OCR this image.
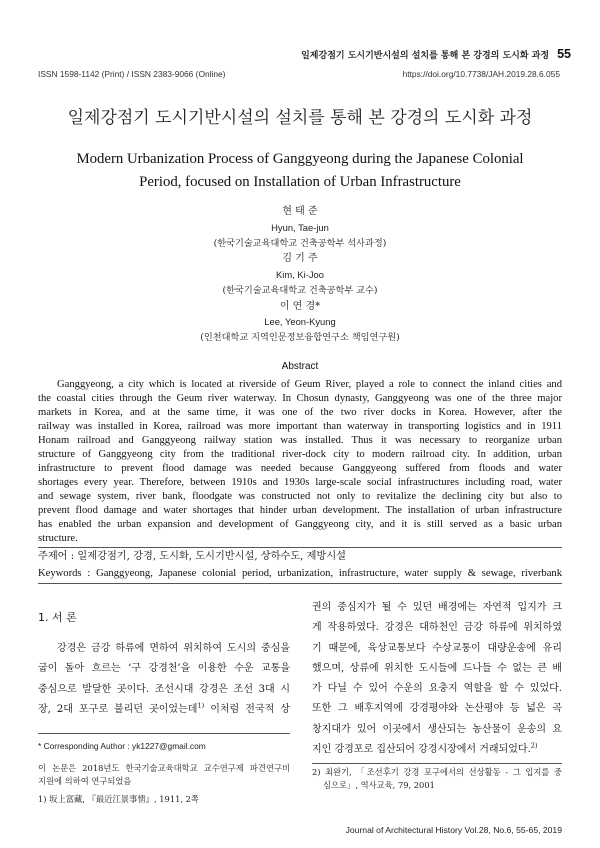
일제강점기 도시기반시설의 설치를 통해 본 강경의 도시화 과정 55
ISSN 1598-1142 (Print) / ISSN 2383-9066 (Online)	https://doi.org/10.7738/JAH.2019.28.6.055
일제강점기 도시기반시설의 설치를 통해 본 강경의 도시화 과정
Modern Urbanization Process of Ganggyeong during the Japanese Colonial
Period, focused on Installation of Urban Infrastructure
현 태 준
Hyun, Tae-jun
(한국기술교육대학교 건축공학부 석사과정)
김 기 주
Kim, Ki-Joo
(한국기술교육대학교 건축공학부 교수)
이 연 경*
Lee, Yeon-Kyung
(인천대학교 지역인문정보융합연구소 책임연구원)
Abstract
Ganggyeong, a city which is located at riverside of Geum River, played a role to connect the inland cities and
the coastal cities through the Geum river waterway. In Chosun dynasty, Ganggyeong was one of the three major
markets in Korea, and at the same time, it was one of the two river docks in Korea. However, after the
railway was installed in Korea, railroad was more important than waterway in transporting logistics and in 1911
Honam railroad and Ganggyeong railway station was installed. Thus it was necessary to reorganize urban
structure of Ganggyeong city from the traditional river-dock city to modern railroad city. In addition, urban
infrastructure to prevent flood damage was needed because Ganggyeong suffered from floods and water
shortages every year. Therefore, between 1910s and 1930s large-scale social infrastructures including road, water
and sewage system, river bank, floodgate was constructed not only to revitalize the declining city but also to
prevent flood damage and water shortages that hinder urban development. The installation of urban infrastructure
has enabled the urban expansion and development of Ganggyeong city, and it is still served as a basic urban
structure.
주제어 : 일제강점기, 강경, 도시화, 도시기반시설, 상하수도, 제방시설
Keywords : Ganggyeong, Japanese colonial period, urbanization, infrastructure, water supply & sewage, riverbank
1. 서 론
강경은 금강 하류에 면하여 위치하여 도시의 중심을
굽이 돌아 흐르는 ‘구 강경천’을 이용한 수운 교통을
중심으로 발달한 곳이다. 조선시대 강경은 조선 3대 시
장, 2대 포구로 불리던 곳이었는데$^{1)}$ 이처럼 전국적 상
권의 중심지가 될 수 있던 배경에는 자연적 입지가 크
게 작용하였다. 강경은 대하천인 금강 하류에 위치하였
기 때문에, 육상교통보다 수상교통이 대량운송에 유리
했으며, 상류에 위치한 도시들에 드나들 수 없는 큰 배
가 다닐 수 있어 수운의 요충지 역할을 할 수 있었다.
또한 그 배후지역에 강경평야와 논산평야 등 넓은 곡
창지대가 있어 이곳에서 생산되는 농산물이 운송의 요
지인 강경포로 집산되어 강경시장에서 거래되었다.$^{2)}$
* Corresponding Author : yk1227@gmail.com
이 논문은 2018년도 한국기술교육대학교 교수연구제 파견연구비
지원에 의하여 연구되었음
1) 坂上富藏, 『最近江景事情』, 1911, 2쪽
2) 최완기, 「조선후기 강경 포구에서의 선상활동 - 그 입지를 중
심으로」, 역사교육, 79, 2001
Journal of Architectural History Vol.28, No.6, 55-65, 2019
